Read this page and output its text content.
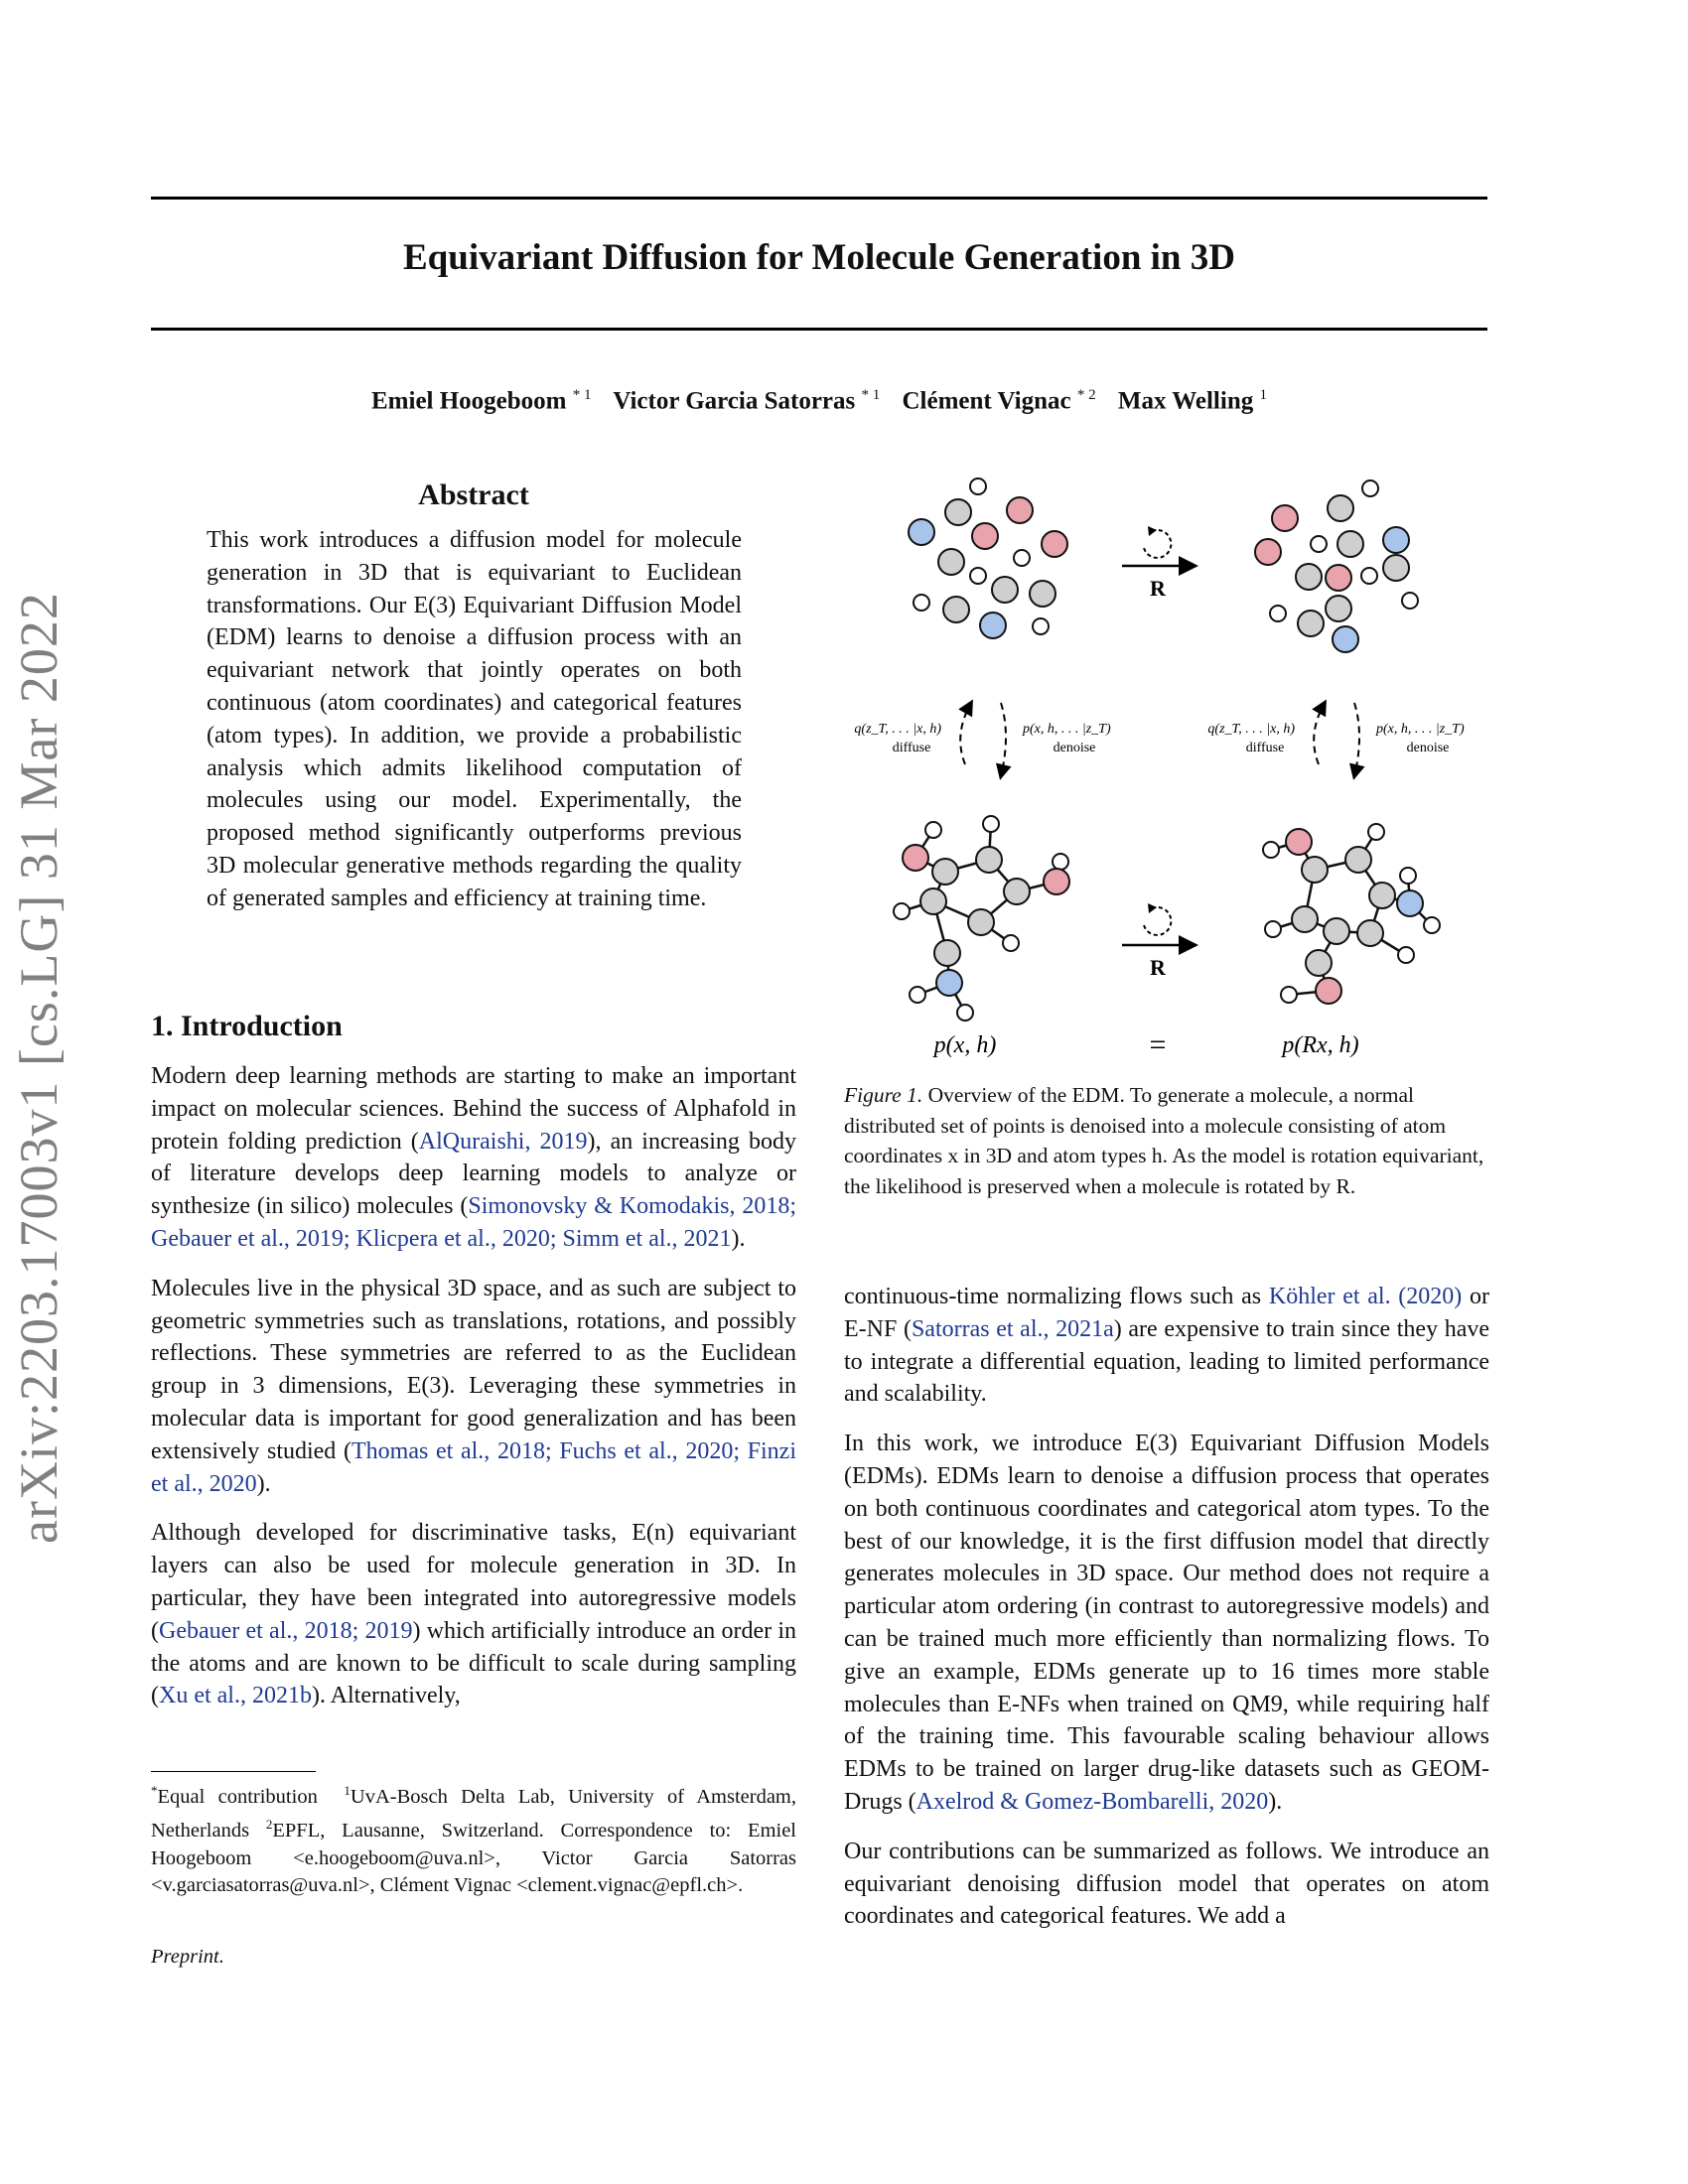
Equivariant Diffusion for Molecule Generation in 3D
Emiel Hoogeboom $^{* 1}$ Victor Garcia Satorras $^{* 1}$ Clément Vignac $^{* 2}$ Max Welling $^1$
arXiv:2203.17003v1 [cs.LG] 31 Mar 2022
Abstract
This work introduces a diffusion model for molecule generation in 3D that is equivariant to Euclidean transformations. Our E(3) Equivariant Diffusion Model (EDM) learns to denoise a diffusion process with an equivariant network that jointly operates on both continuous (atom coordinates) and categorical features (atom types). In addition, we provide a probabilistic analysis which admits likelihood computation of molecules using our model. Experimentally, the proposed method significantly outperforms previous 3D molecular generative methods regarding the quality of generated samples and efficiency at training time.
1. Introduction

Modern deep learning methods are starting to make an important impact on molecular sciences. Behind the success of Alphafold in protein folding prediction (AlQuraishi, 2019), an increasing body of literature develops deep learning models to analyze or synthesize (in silico) molecules (Simonovsky & Komodakis, 2018; Gebauer et al., 2019; Klicpera et al., 2020; Simm et al., 2021).

Molecules live in the physical 3D space, and as such are subject to geometric symmetries such as translations, rotations, and possibly reflections. These symmetries are referred to as the Euclidean group in 3 dimensions, E(3). Leveraging these symmetries in molecular data is important for good generalization and has been extensively studied (Thomas et al., 2018; Fuchs et al., 2020; Finzi et al., 2020).

Although developed for discriminative tasks, E(n) equivariant layers can also be used for molecule generation in 3D. In particular, they have been integrated into autoregressive models (Gebauer et al., 2018; 2019) which artificially introduce an order in the atoms and are known to be difficult to scale during sampling (Xu et al., 2021b). Alternatively,

*Equal contribution $^1$UvA-Bosch Delta Lab, University of Amsterdam, Netherlands $^2$EPFL, Lausanne, Switzerland. Correspondence to: Emiel Hoogeboom <e.hoogeboom@uva.nl>, Victor Garcia Satorras <v.garciasatorras@uva.nl>, Clément Vignac <clement.vignac@epfl.ch>.
Preprint.
R
R
q(z_T, . . . |x, h)
diffuse
p(x, h, . . . |z_T)
denoise
q(z_T, . . . |x, h)
diffuse
p(x, h, . . . |z_T)
denoise
p(x, h)	=	p(Rx, h)
Figure 1. Overview of the EDM. To generate a molecule, a normal distributed set of points is denoised into a molecule consisting of atom coordinates x in 3D and atom types h. As the model is rotation equivariant, the likelihood is preserved when a molecule is rotated by R.

continuous-time normalizing flows such as Köhler et al. (2020) or E-NF (Satorras et al., 2021a) are expensive to train since they have to integrate a differential equation, leading to limited performance and scalability.

In this work, we introduce E(3) Equivariant Diffusion Models (EDMs). EDMs learn to denoise a diffusion process that operates on both continuous coordinates and categorical atom types. To the best of our knowledge, it is the first diffusion model that directly generates molecules in 3D space. Our method does not require a particular atom ordering (in contrast to autoregressive models) and can be trained much more efficiently than normalizing flows. To give an example, EDMs generate up to 16 times more stable molecules than E-NFs when trained on QM9, while requiring half of the training time. This favourable scaling behaviour allows EDMs to be trained on larger drug-like datasets such as GEOM-Drugs (Axelrod & Gomez-Bombarelli, 2020).

Our contributions can be summarized as follows. We introduce an equivariant denoising diffusion model that operates on atom coordinates and categorical features. We add a
